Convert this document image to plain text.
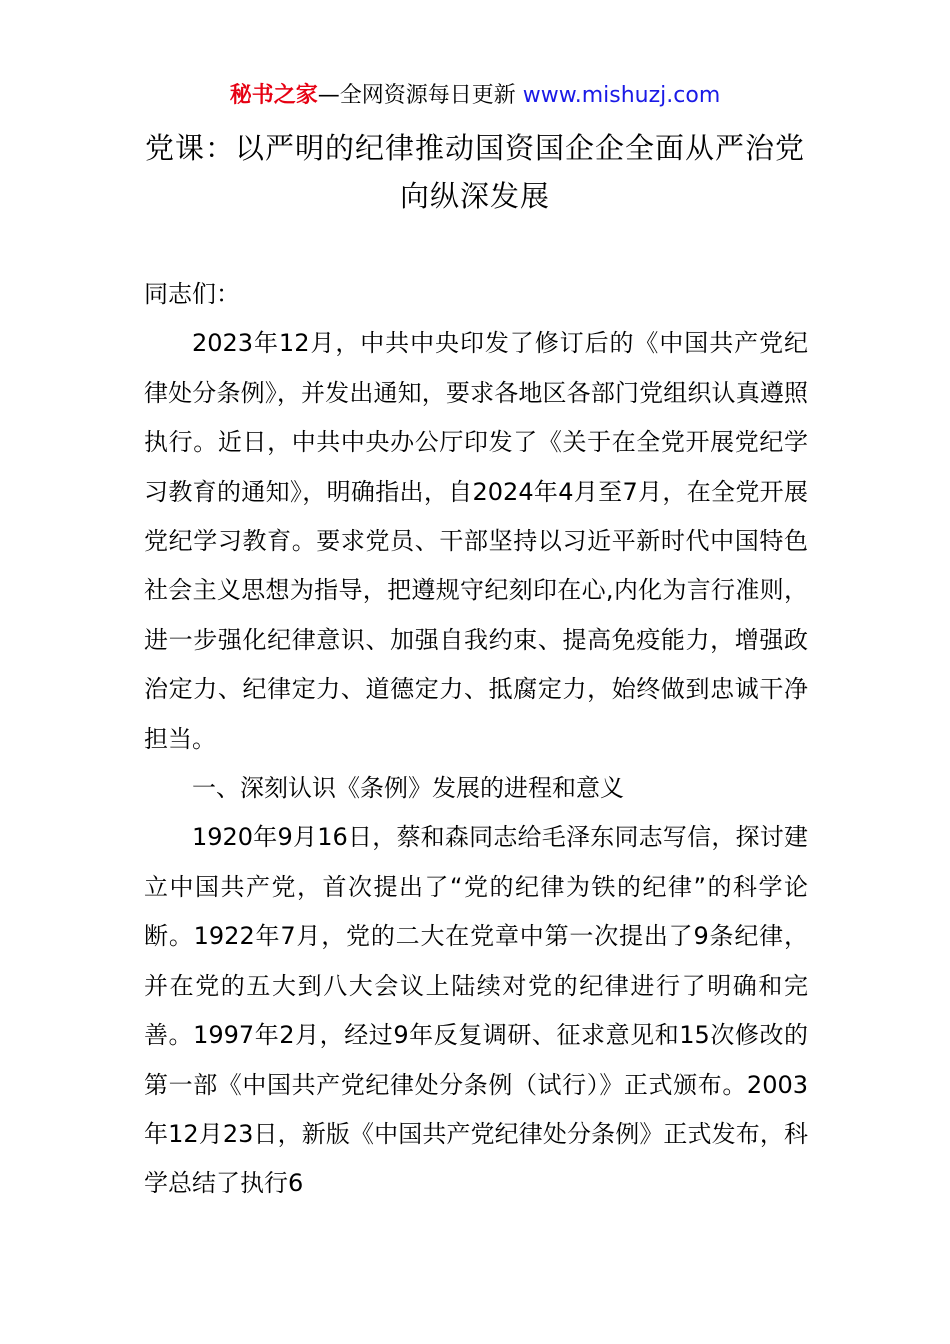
秘书之家—全网资源每日更新 www.mishuzj.com
党课：以严明的纪律推动国资国企企全面从严治党向纵深发展

同志们：

2023年12月，中共中央印发了修订后的《中国共产党纪律处分条例》，并发出通知，要求各地区各部门党组织认真遵照执行。近日，中共中央办公厅印发了《关于在全党开展党纪学习教育的通知》，明确指出，自2024年4月至7月，在全党开展党纪学习教育。要求党员、干部坚持以习近平新时代中国特色社会主义思想为指导，把遵规守纪刻印在心,内化为言行准则，进一步强化纪律意识、加强自我约束、提高免疫能力，增强政治定力、纪律定力、道德定力、抵腐定力，始终做到忠诚干净担当。

一、深刻认识《条例》发展的进程和意义

1920年9月16日，蔡和森同志给毛泽东同志写信，探讨建立中国共产党，首次提出了“党的纪律为铁的纪律”的科学论断。1922年7月，党的二大在党章中第一次提出了9条纪律，并在党的五大到八大会议上陆续对党的纪律进行了明确和完善。1997年2月，经过9年反复调研、征求意见和15次修改的第一部《中国共产党纪律处分条例（试行）》正式颁布。2003年12月23日，新版《中国共产党纪律处分条例》正式发布，科学总结了执行6
